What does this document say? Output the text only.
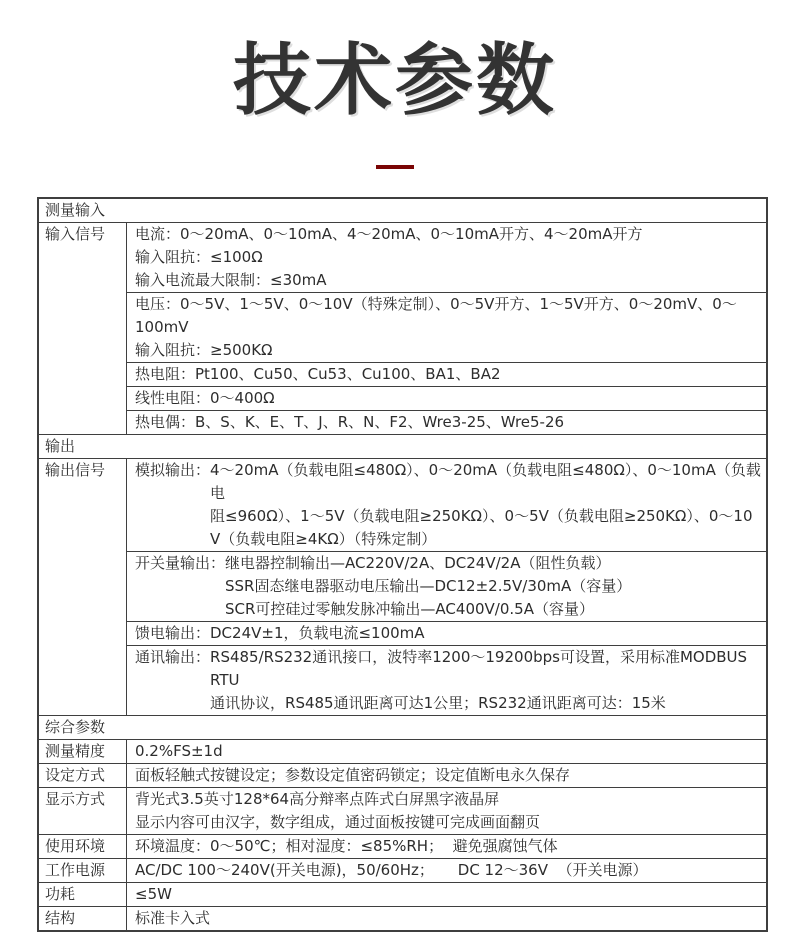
技术参数
测量输入
输入信号	电流：0～20mA、0～10mA、4～20mA、0～10mA开方、4～20mA开方
输入阻抗：≤100Ω
输入电流最大限制：≤30mA
电压：0～5V、1～5V、0～10V（特殊定制）、0～5V开方、1～5V开方、0～20mV、0～100mV
输入阻抗：≥500KΩ
热电阻：Pt100、Cu50、Cu53、Cu100、BA1、BA2
线性电阻：0～400Ω
热电偶：B、S、K、E、T、J、R、N、F2、Wre3-25、Wre5-26
输出
输出信号	模拟输出： 4～20mA（负载电阻≤480Ω）、0～20mA（负载电阻≤480Ω）、0～10mA（负载电
阻≤960Ω）、1～5V（负载电阻≥250KΩ）、0～5V（负载电阻≥250KΩ）、0～10
V（负载电阻≥4KΩ）（特殊定制）
开关量输出： 继电器控制输出—AC220V/2A、DC24V/2A（阻性负载）
SSR固态继电器驱动电压输出—DC12±2.5V/30mA（容量）
SCR可控硅过零触发脉冲输出—AC400V/0.5A（容量）
馈电输出：DC24V±1，负载电流≤100mA
通讯输出： RS485/RS232通讯接口，波特率1200～19200bps可设置，采用标准MODBUS RTU
通讯协议，RS485通讯距离可达1公里；RS232通讯距离可达：15米
综合参数
测量精度	0.2%FS±1d
设定方式	面板轻触式按键设定；参数设定值密码锁定；设定值断电永久保存
显示方式	背光式3.5英寸128*64高分辩率点阵式白屏黑字液晶屏
显示内容可由汉字，数字组成，通过面板按键可完成画面翻页
使用环境	环境温度：0～50℃；相对湿度：≤85%RH；  避免强腐蚀气体
工作电源	AC/DC 100～240V(开关电源)，50/60Hz；     DC 12～36V  （开关电源）
功耗	≤5W
结构	标准卡入式
